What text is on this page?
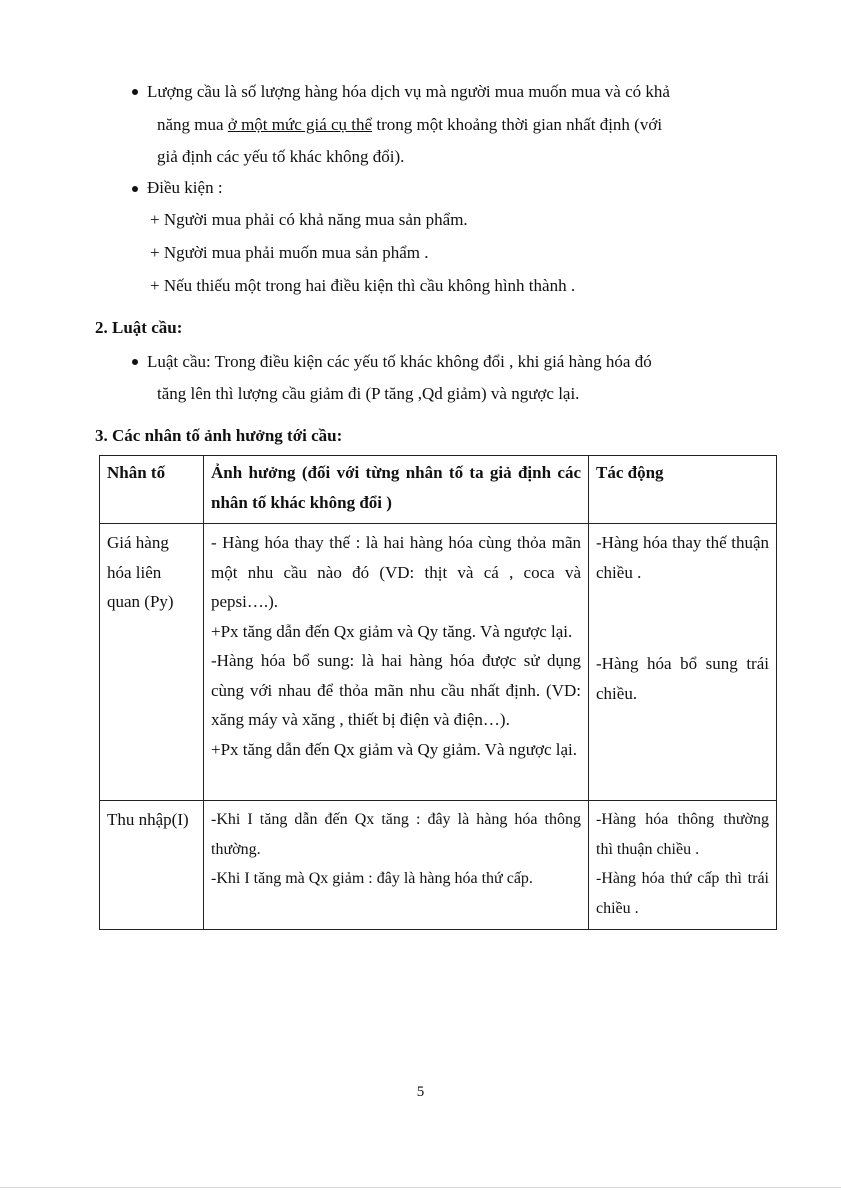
Lượng cầu là số lượng hàng hóa dịch vụ mà người mua muốn mua và có khả
năng mua ở một mức giá cụ thể trong một khoảng thời gian nhất định (với
giả định các yếu tố khác không đổi).
Điều kiện :
+ Người mua phải có khả năng mua sản phẩm.
+ Người mua phải muốn mua sản phẩm .
+ Nếu thiếu một trong hai điều kiện thì cầu không hình thành .
2. Luật cầu:
Luật cầu: Trong điều kiện các yếu tố khác không đổi , khi giá hàng hóa đó
tăng lên thì lượng cầu giảm đi (P tăng ,Qd giảm) và ngược lại.
3. Các nhân tố ảnh hưởng tới cầu:
Nhân tố	Ảnh hưởng (đối với từng nhân tố ta giả định các nhân tố khác không đổi )	Tác động
Giá hàng hóa liên quan (Py)	- Hàng hóa thay thế : là hai hàng hóa cùng thỏa mãn một nhu cầu nào đó (VD: thịt và cá , coca và pepsi….).
+Px tăng dẫn đến Qx giảm và Qy tăng. Và ngược lại.
-Hàng hóa bổ sung: là hai hàng hóa được sử dụng cùng với nhau để thỏa mãn nhu cầu nhất định. (VD: xăng máy và xăng , thiết bị điện và điện…).
+Px tăng dẫn đến Qx giảm và Qy giảm. Và ngược lại.	-Hàng hóa thay thế thuận chiều .
-Hàng hóa bổ sung trái chiều.

Thu nhập(I)	-Khi I tăng dẫn đến Qx tăng : đây là hàng hóa thông thường.
-Khi I tăng mà Qx giảm : đây là hàng hóa thứ cấp.	-Hàng hóa thông thường thì thuận chiều .
-Hàng hóa thứ cấp thì trái chiều .
5
